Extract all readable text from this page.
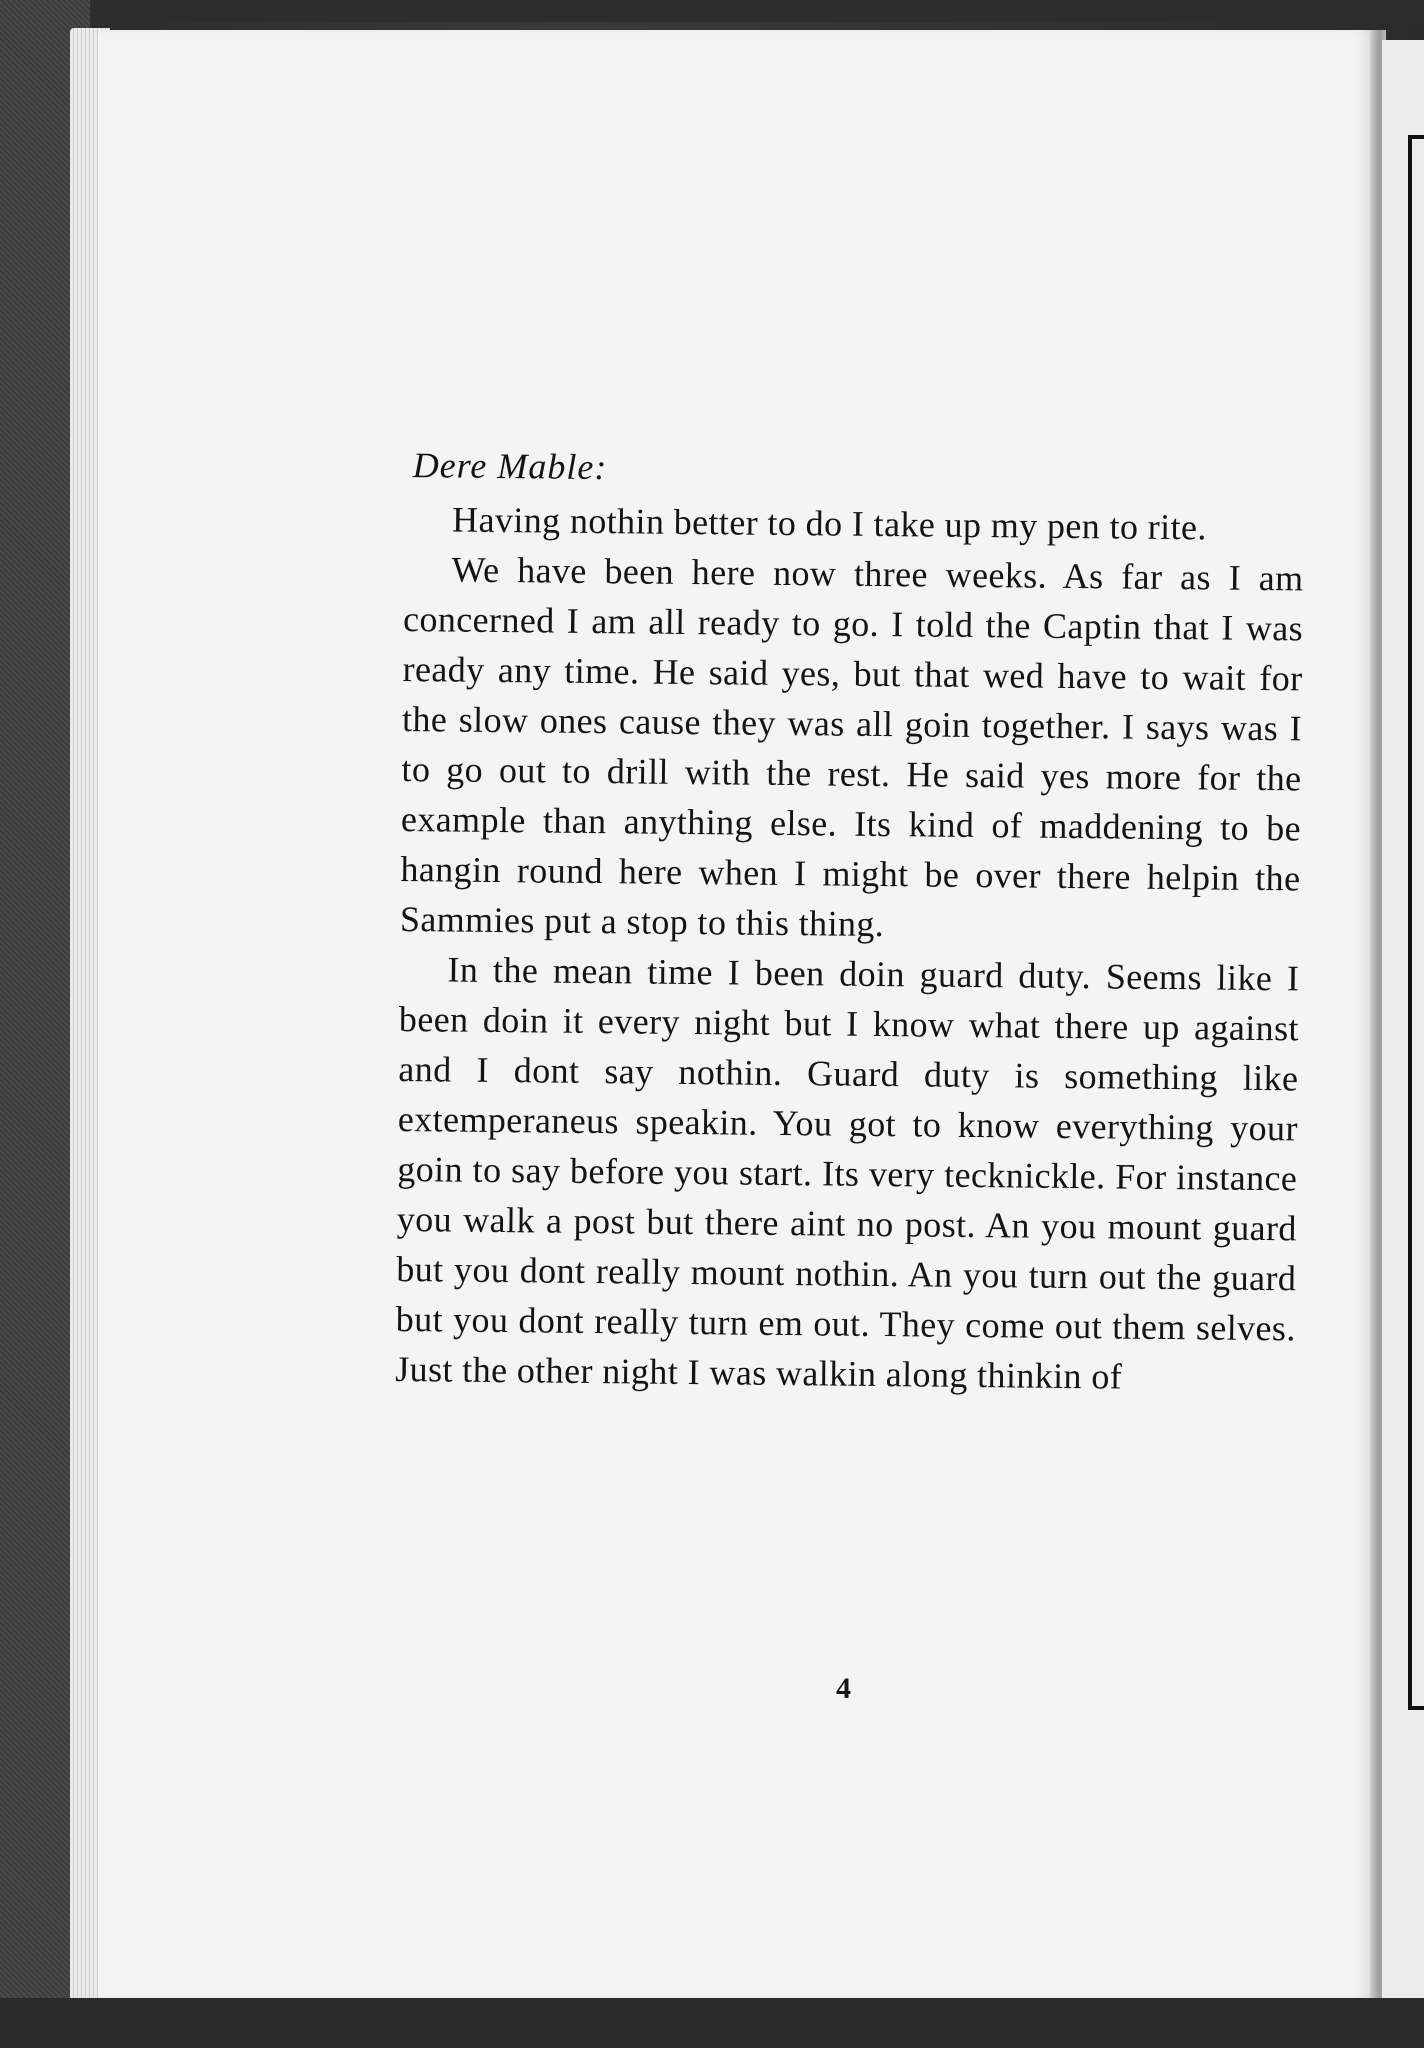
Dere Mable:

Having nothin better to do I take up my pen to rite.

We have been here now three weeks. As far as I am concerned I am all ready to go. I told the Captin that I was ready any time. He said yes, but that wed have to wait for the slow ones cause they was all goin together. I says was I to go out to drill with the rest. He said yes more for the example than anything else. Its kind of maddening to be hangin round here when I might be over there helpin the Sammies put a stop to this thing.

In the mean time I been doin guard duty. Seems like I been doin it every night but I know what there up against and I dont say nothin. Guard duty is something like extemperaneus speakin. You got to know everything your goin to say before you start. Its very tecknickle. For instance you walk a post but there aint no post. An you mount guard but you dont really mount nothin. An you turn out the guard but you dont really turn em out. They come out them selves. Just the other night I was walkin along thinkin of

4
